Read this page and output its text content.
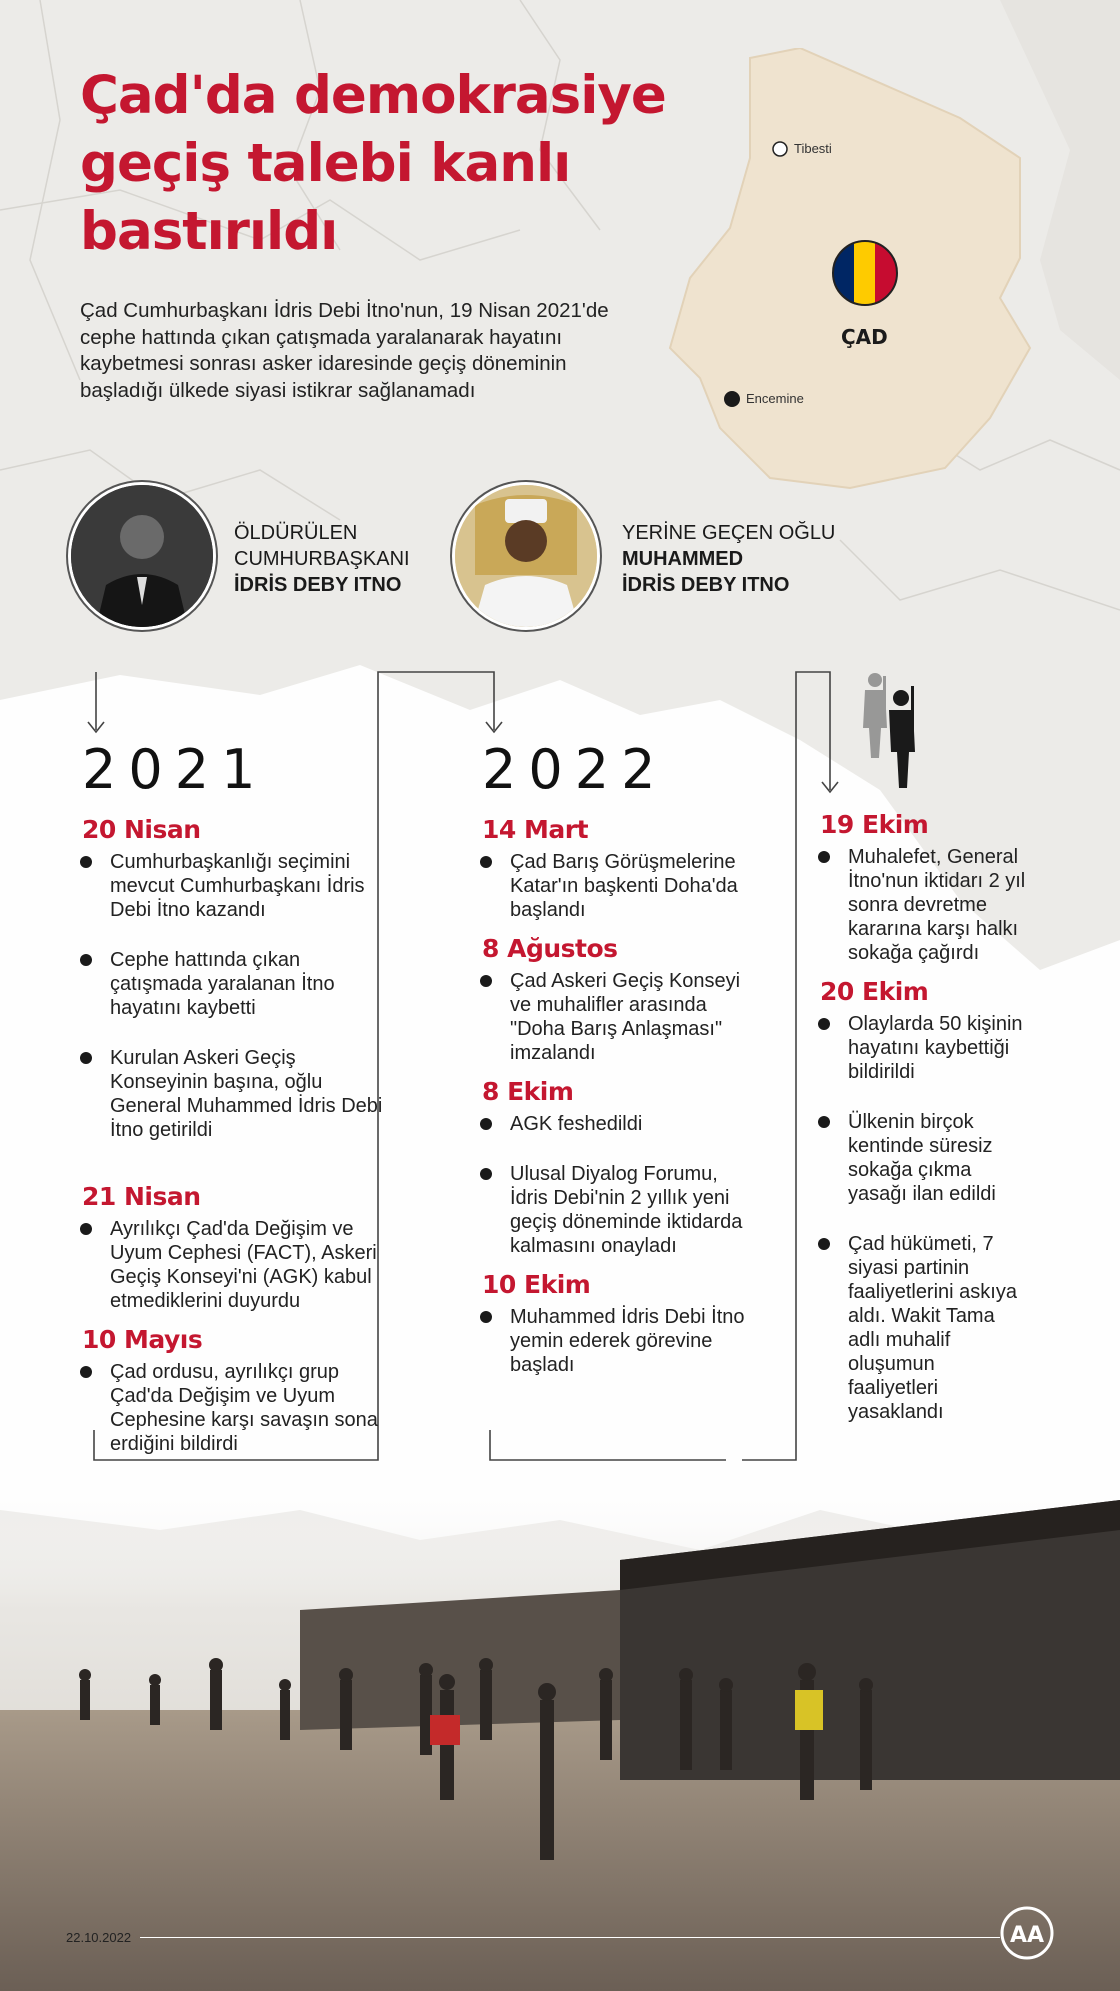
Tibesti
Encemine
ÇAD
Çad'da demokrasiye geçiş talebi kanlı bastırıldı

Çad Cumhurbaşkanı İdris Debi İtno'nun, 19 Nisan 2021'de cephe hattında çıkan çatışmada yaralanarak hayatını kaybetmesi sonrası asker idaresinde geçiş döneminin başladığı ülkede siyasi istikrar sağlanamadı

ÖLDÜRÜLEN
CUMHURBAŞKANI
İDRİS DEBY ITNO
YERİNE GEÇEN OĞLU
MUHAMMED
İDRİS DEBY ITNO
2021
20 Nisan
Cumhurbaşkanlığı seçimini mevcut Cumhurbaşkanı İdris Debi İtno kazandı
Cephe hattında çıkan çatışmada yaralanan İtno hayatını kaybetti
Kurulan Askeri Geçiş Konseyinin başına, oğlu General Muhammed İdris Debi İtno getirildi
21 Nisan
Ayrılıkçı Çad'da Değişim ve Uyum Cephesi (FACT), Askeri Geçiş Konseyi'ni (AGK) kabul etmediklerini duyurdu
10 Mayıs
Çad ordusu, ayrılıkçı grup Çad'da Değişim ve Uyum Cephesine karşı savaşın sona erdiğini bildirdi
2022
14 Mart
Çad Barış Görüşmelerine Katar'ın başkenti Doha'da başlandı
8 Ağustos
Çad Askeri Geçiş Konseyi ve muhalifler arasında "Doha Barış Anlaşması" imzalandı
8 Ekim
AGK feshedildi
Ulusal Diyalog Forumu, İdris Debi'nin 2 yıllık yeni geçiş döneminde iktidarda kalmasını onayladı
10 Ekim
Muhammed İdris Debi İtno yemin ederek görevine başladı
19 Ekim
Muhalefet, General İtno'nun iktidarı 2 yıl sonra devretme kararına karşı halkı sokağa çağırdı
20 Ekim
Olaylarda 50 kişinin hayatını kaybettiği bildirildi
Ülkenin birçok kentinde süresiz sokağa çıkma yasağı ilan edildi
Çad hükümeti, 7 siyasi partinin faaliyetlerini askıya aldı. Wakit Tama adlı muhalif oluşumun faaliyetleri yasaklandı
22.10.2022	AA
